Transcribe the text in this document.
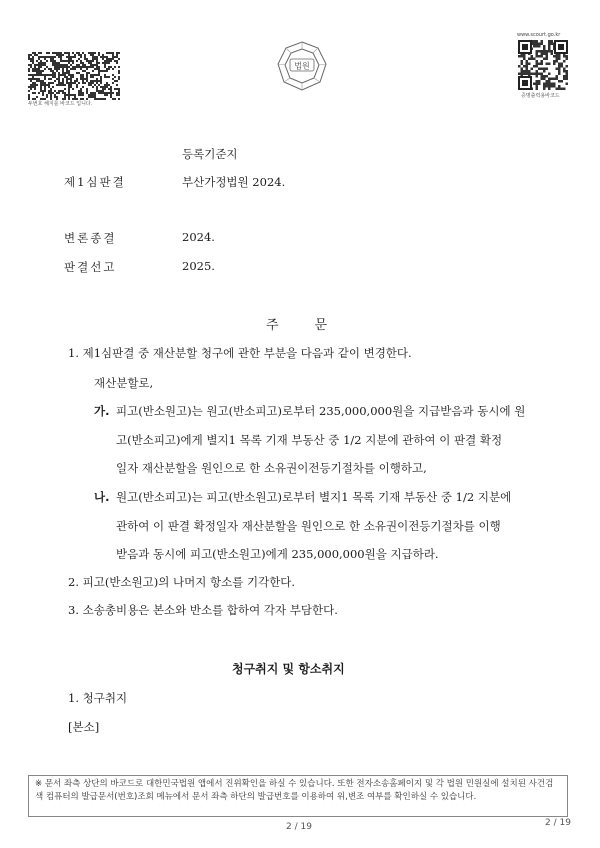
두번호 해지를 바코드 입니다.
법원
www.scourt.go.kr
증명출력용바코드
등록기준지
제1심판결	부산가정법원 2024.
변론종결	2024.
판결선고	2025.
주문
1. 제1심판결 중 재산분할 청구에 관한 부분을 다음과 같이 변경한다.
재산분할로,
가. 피고(반소원고)는 원고(반소피고)로부터 235,000,000원을 지급받음과 동시에 원
고(반소피고)에게 별지1 목록 기재 부동산 중 1/2 지분에 관하여 이 판결 확정
일자 재산분할을 원인으로 한 소유권이전등기절차를 이행하고,
나. 원고(반소피고)는 피고(반소원고)로부터 별지1 목록 기재 부동산 중 1/2 지분에
관하여 이 판결 확정일자 재산분할을 원인으로 한 소유권이전등기절차를 이행
받음과 동시에 피고(반소원고)에게 235,000,000원을 지급하라.
2. 피고(반소원고)의 나머지 항소를 기각한다.
3. 소송총비용은 본소와 반소를 합하여 각자 부담한다.
청구취지 및 항소취지
1. 청구취지
[본소]
※ 문서 좌측 상단의 바코드로 대한민국법원 앱에서 진위확인을 하실 수 있습니다. 또한 전자소송홈페이지 및 각 법원 민원실에 설치된 사건검색 컴퓨터의 발급문서(번호)조회 메뉴에서 문서 좌측 하단의 발급번호를 이용하여 위,변조 여부를 확인하실 수 있습니다.
2 / 19	2 / 19
